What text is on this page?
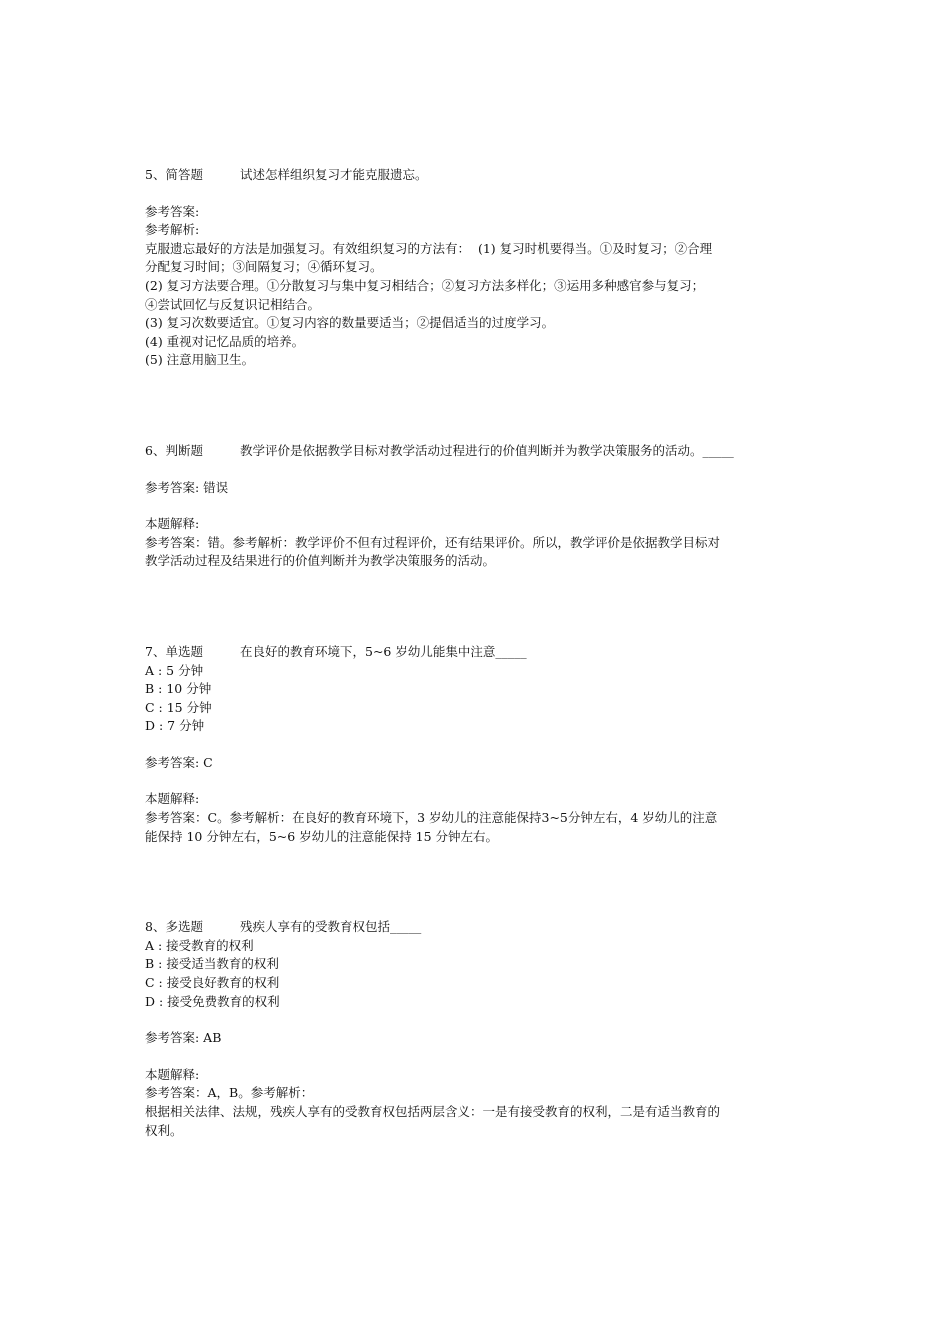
5、简答题	试述怎样组织复习才能克服遗忘。

参考答案:

参考解析:

克服遗忘最好的方法是加强复习。有效组织复习的方法有：  (1) 复习时机要得当。①及时复习；②合理

分配复习时间；③间隔复习；④循环复习。

(2) 复习方法要合理。①分散复习与集中复习相结合；②复习方法多样化；③运用多种感官参与复习；

④尝试回忆与反复识记相结合。

(3) 复习次数要适宜。①复习内容的数量要适当；②提倡适当的过度学习。

(4) 重视对记忆品质的培养。

(5) 注意用脑卫生。

6、判断题	教学评价是依据教学目标对教学活动过程进行的价值判断并为教学决策服务的活动。_____

参考答案: 错误

本题解释:

参考答案：错。参考解析：教学评价不但有过程评价，还有结果评价。所以，教学评价是依据教学目标对

教学活动过程及结果进行的价值判断并为教学决策服务的活动。

7、单选题	在良好的教育环境下，5~6 岁幼儿能集中注意_____

A : 5 分钟

B : 10 分钟

C : 15 分钟

D : 7 分钟

参考答案: C

本题解释:

参考答案：C。参考解析：在良好的教育环境下，3 岁幼儿的注意能保持3~5分钟左右，4 岁幼儿的注意

能保持 10 分钟左右，5~6 岁幼儿的注意能保持 15 分钟左右。

8、多选题	残疾人享有的受教育权包括_____

A : 接受教育的权利

B : 接受适当教育的权利

C : 接受良好教育的权利

D : 接受免费教育的权利

参考答案: AB

本题解释:

参考答案：A，B。参考解析：

根据相关法律、法规，残疾人享有的受教育权包括两层含义：一是有接受教育的权利，二是有适当教育的

权利。
